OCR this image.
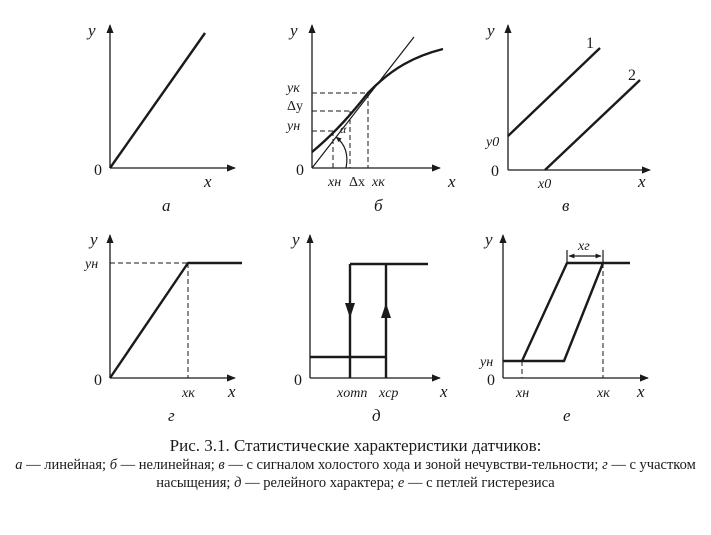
y
0
x
а
y
0
yк
Δy
yн	α
xн Δx xк	x
б
1
2
y
y0
0
x0	x
в
y
yн
0
xк x
г
y
0
xотп xср x
д
xг
y
yн
0
xн	xк x
е
Рис. 3.1. Статистические характеристики датчиков:
а — линейная; б — нелинейная; в — с сигналом холостого хода и зоной нечувстви-тельности; г — с участком насыщения; д — релейного характера; е — с петлей гистерезиса
